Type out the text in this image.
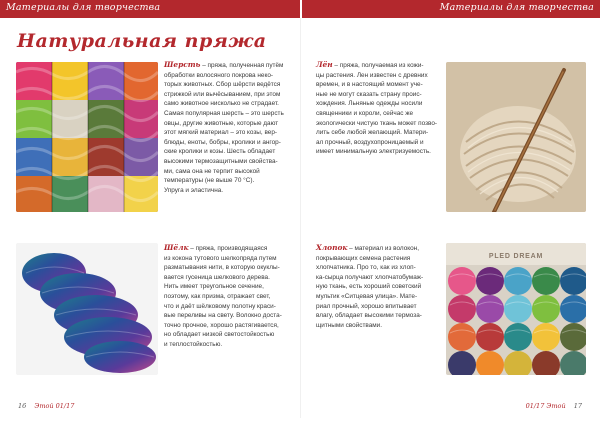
Материалы для творчества	Материалы для творчества
Натуральная пряжа
Шерсть – пряжа, полученная путём
обработки волосяного покрова неко-
торых животных. Сбор шёрсти ведётся
стрижкой или вычёсыванием, при этом
само животное нисколько не страдает.
Самая популярная шерсть – это шерсть
овцы, другие животные, которые дают
этот мягкий материал – это козы, вер-
блюды, еноты, бобры, кролики и ангор-
ские кролики и козы. Шесть обладает
высокими термозащитными свойства-
ми, сама она не терпит высокой
температуры (не выше 70 °С).
Упруга и эластична.
Лён – пряжа, получаемая из кожи-
цы растения. Лен известен с древних
времен, и в настоящий момент уче-
ные не могут сказать страну проис-
хождения. Льняные одежды носили
священники и короли, сейчас же
экологически чистую ткань может позво-
лить себе любой желающий. Матери-
ал прочный, воздухопроницаемый и
имеет минимальную электризуемость.
Шёлк – пряжа, производящаяся
из кокона тутового шелкопряда путем
разматывания нити, в которую окуклы-
вается гусеница шелкового дерева.
Нить имеет треугольное сечение,
поэтому, как призма, отражает свет,
что и даёт шёлковому полотну краси-
вые переливы на свету. Волокно доста-
точно прочное, хорошо растягивается,
но обладает низкой светостойкостью
и теплостойкостью.
Хлопок – материал из волокон,
покрывающих семена растения
хлопчатника. Про то, как из хлоп-
ка-сырца получают хлопчатобумаж-
ную ткань, есть хороший советский
мультик «Ситцевая улица». Мате-
риал прочный, хорошо впитывает
влагу, обладает высокими термоза-
щитными свойствами.
PLED DREAM
16 Этой 01/17	01/17 Этой 17
